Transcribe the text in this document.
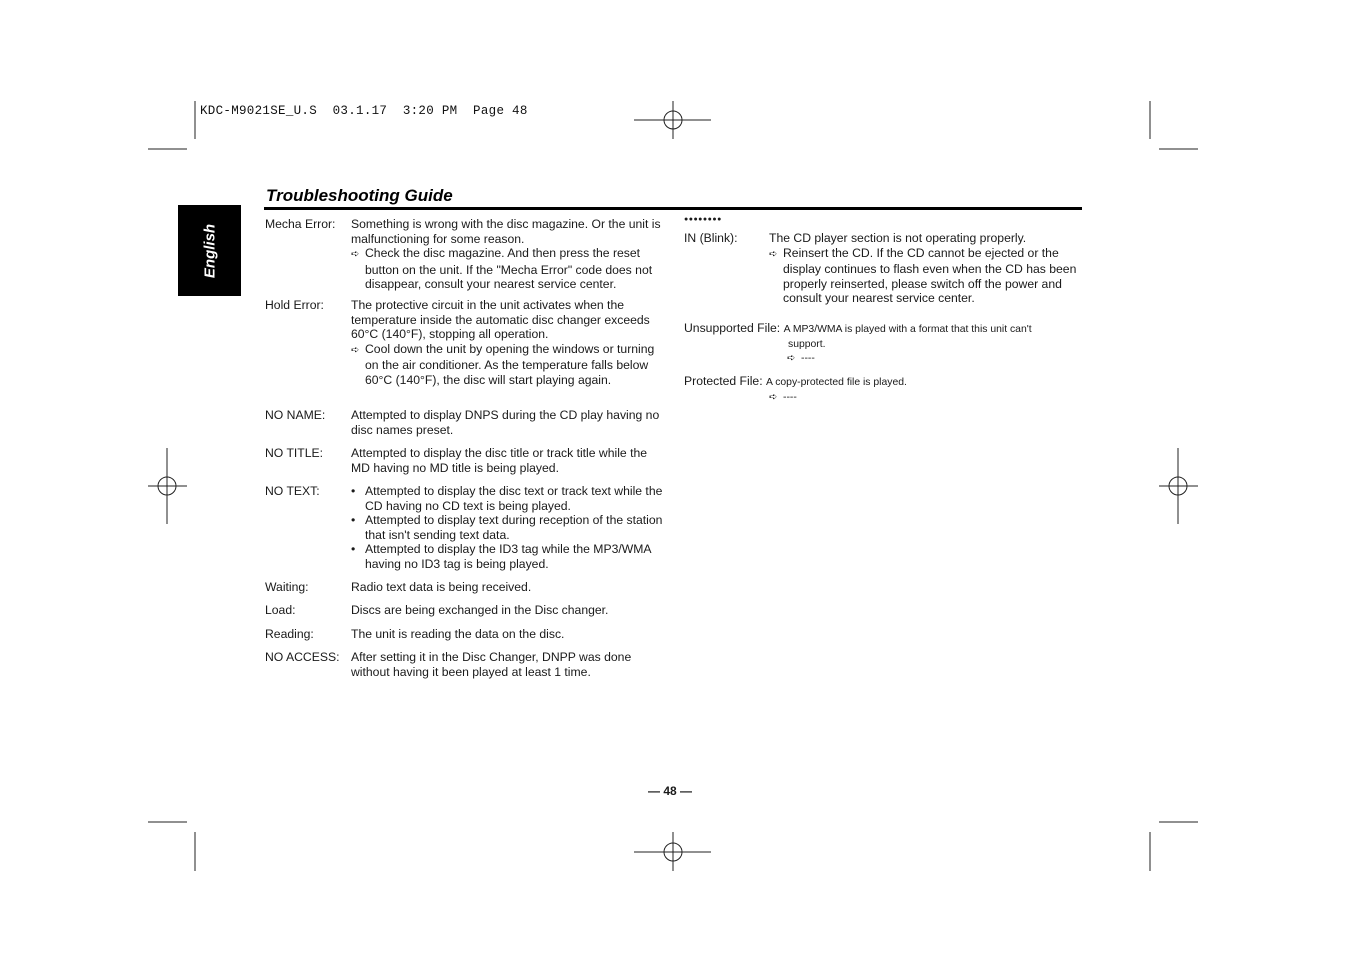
KDC-M9021SE_U.S  03.1.17  3:20 PM  Page 48
Troubleshooting Guide
English	Mecha Error:	Something is wrong with the disc magazine. Or the unit is malfunctioning for some reason.

➪ Check the disc magazine. And then press the reset button on the unit. If the "Mecha Error" code does not disappear, consult your nearest service center.

Hold Error:	The protective circuit in the unit activates when the temperature inside the automatic disc changer exceeds 60°C (140°F), stopping all operation.

➪ Cool down the unit by opening the windows or turning on the air conditioner. As the temperature falls below 60°C (140°F), the disc will start playing again.

NO NAME:	Attempted to display DNPS during the CD play having no disc names preset.

NO TITLE:	Attempted to display the disc title or track title while the MD having no MD title is being played.

NO TEXT:	• Attempted to display the disc text or track text while the CD having no CD text is being played.

• Attempted to display text during reception of the station that isn't sending text data.

• Attempted to display the ID3 tag while the MP3/WMA having no ID3 tag is being played.

Waiting:	Radio text data is being received.

Load:	Discs are being exchanged in the Disc changer.

Reading:	The unit is reading the data on the disc.

NO ACCESS: After setting it in the Disc Changer, DNPP was done without having it been played at least 1 time.

●●●●●●●●
IN (Blink):	The CD player section is not operating properly.

➪ Reinsert the CD. If the CD cannot be ejected or the display continues to flash even when the CD has been properly reinserted, please switch off the power and consult your nearest service center.

Unsupported File: A MP3/WMA is played with a format that this unit can't
support.
➪ ----
Protected File: A copy-protected file is played.
➪ ----
— 48 —
